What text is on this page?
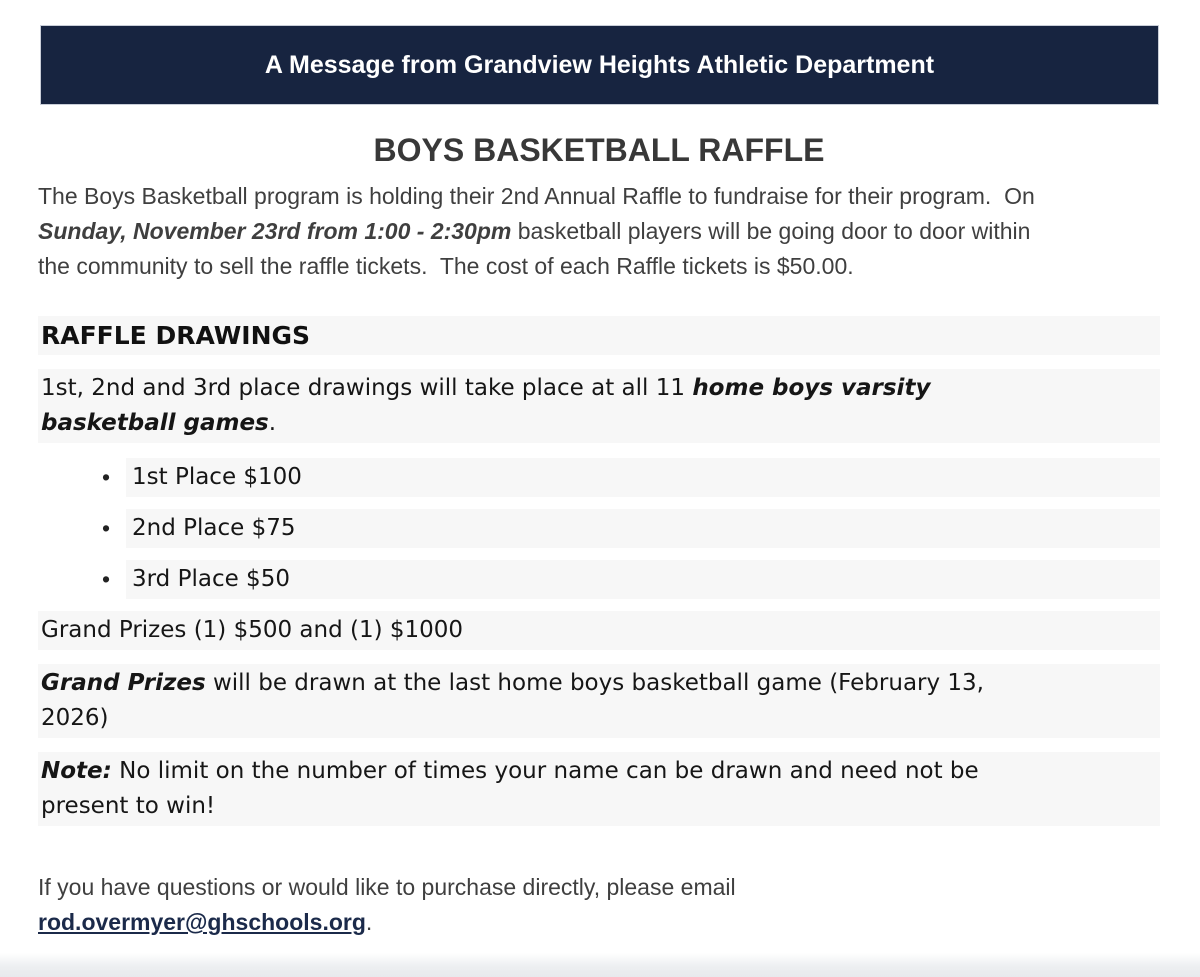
A Message from Grandview Heights Athletic Department
BOYS BASKETBALL RAFFLE

The Boys Basketball program is holding their 2nd Annual Raffle to fundraise for their program.  On
Sunday, November 23rd from 1:00 - 2:30pm basketball players will be going door to door within
the community to sell the raffle tickets.  The cost of each Raffle tickets is $50.00.

RAFFLE DRAWINGS

1st, 2nd and 3rd place drawings will take place at all 11 home boys varsity
basketball games.

• 1st Place $100
• 2nd Place $75
• 3rd Place $50

Grand Prizes (1) $500 and (1) $1000

Grand Prizes will be drawn at the last home boys basketball game (February 13,
2026)

Note: No limit on the number of times your name can be drawn and need not be
present to win!

If you have questions or would like to purchase directly, please email
rod.overmyer@ghschools.org.
